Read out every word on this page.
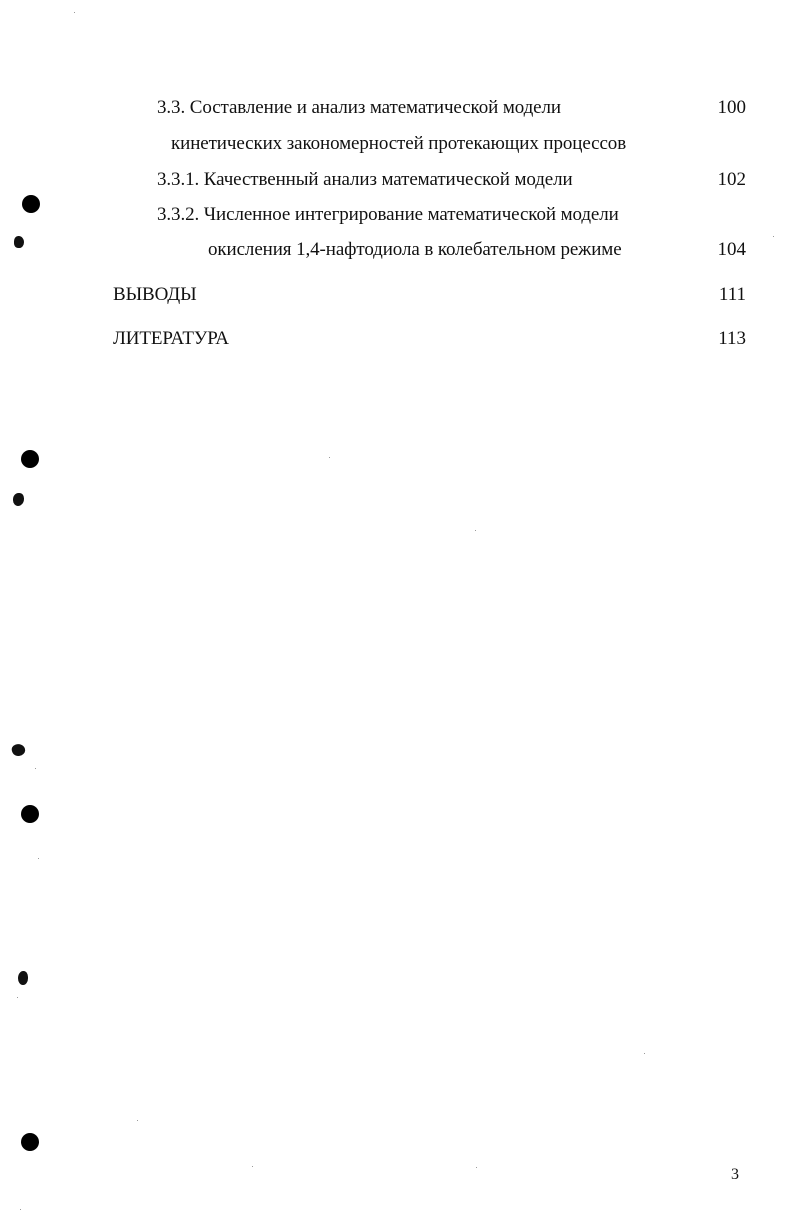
3.3. Составление и анализ математической модели	100
кинетических закономерностей протекающих процессов
3.3.1. Качественный анализ математической модели	102
3.3.2. Численное интегрирование математической модели
окисления 1,4-нафтодиола в колебательном режиме	104
ВЫВОДЫ	111
ЛИТЕРАТУРА	113
3
